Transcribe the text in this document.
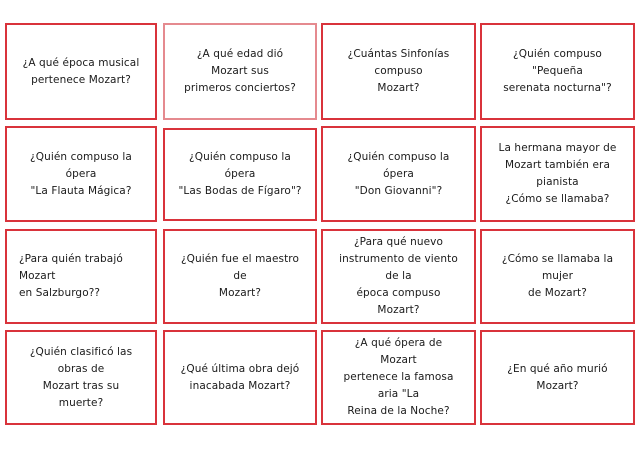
¿A qué época musical
pertenece Mozart?
¿A qué edad dió Mozart sus
primeros conciertos?
¿Cuántas Sinfonías compuso
Mozart?
¿Quién compuso "Pequeña
serenata nocturna"?
¿Quién compuso la ópera
"La Flauta Mágica?
¿Quién compuso la ópera
"Las Bodas de Fígaro"?
¿Quién compuso la ópera
"Don Giovanni"?
La hermana mayor de
Mozart también era pianista
¿Cómo se llamaba?
¿Para quién trabajó Mozart
en Salzburgo??
¿Quién fue el maestro de
Mozart?
¿Para qué nuevo
instrumento de viento de la
época compuso Mozart?
¿Cómo se llamaba la mujer
de Mozart?
¿Quién clasificó las obras de
Mozart tras su muerte?
¿Qué última obra dejó
inacabada Mozart?
¿A qué ópera de Mozart
pertenece la famosa aria "La
Reina de la Noche?
¿En qué año murió Mozart?
